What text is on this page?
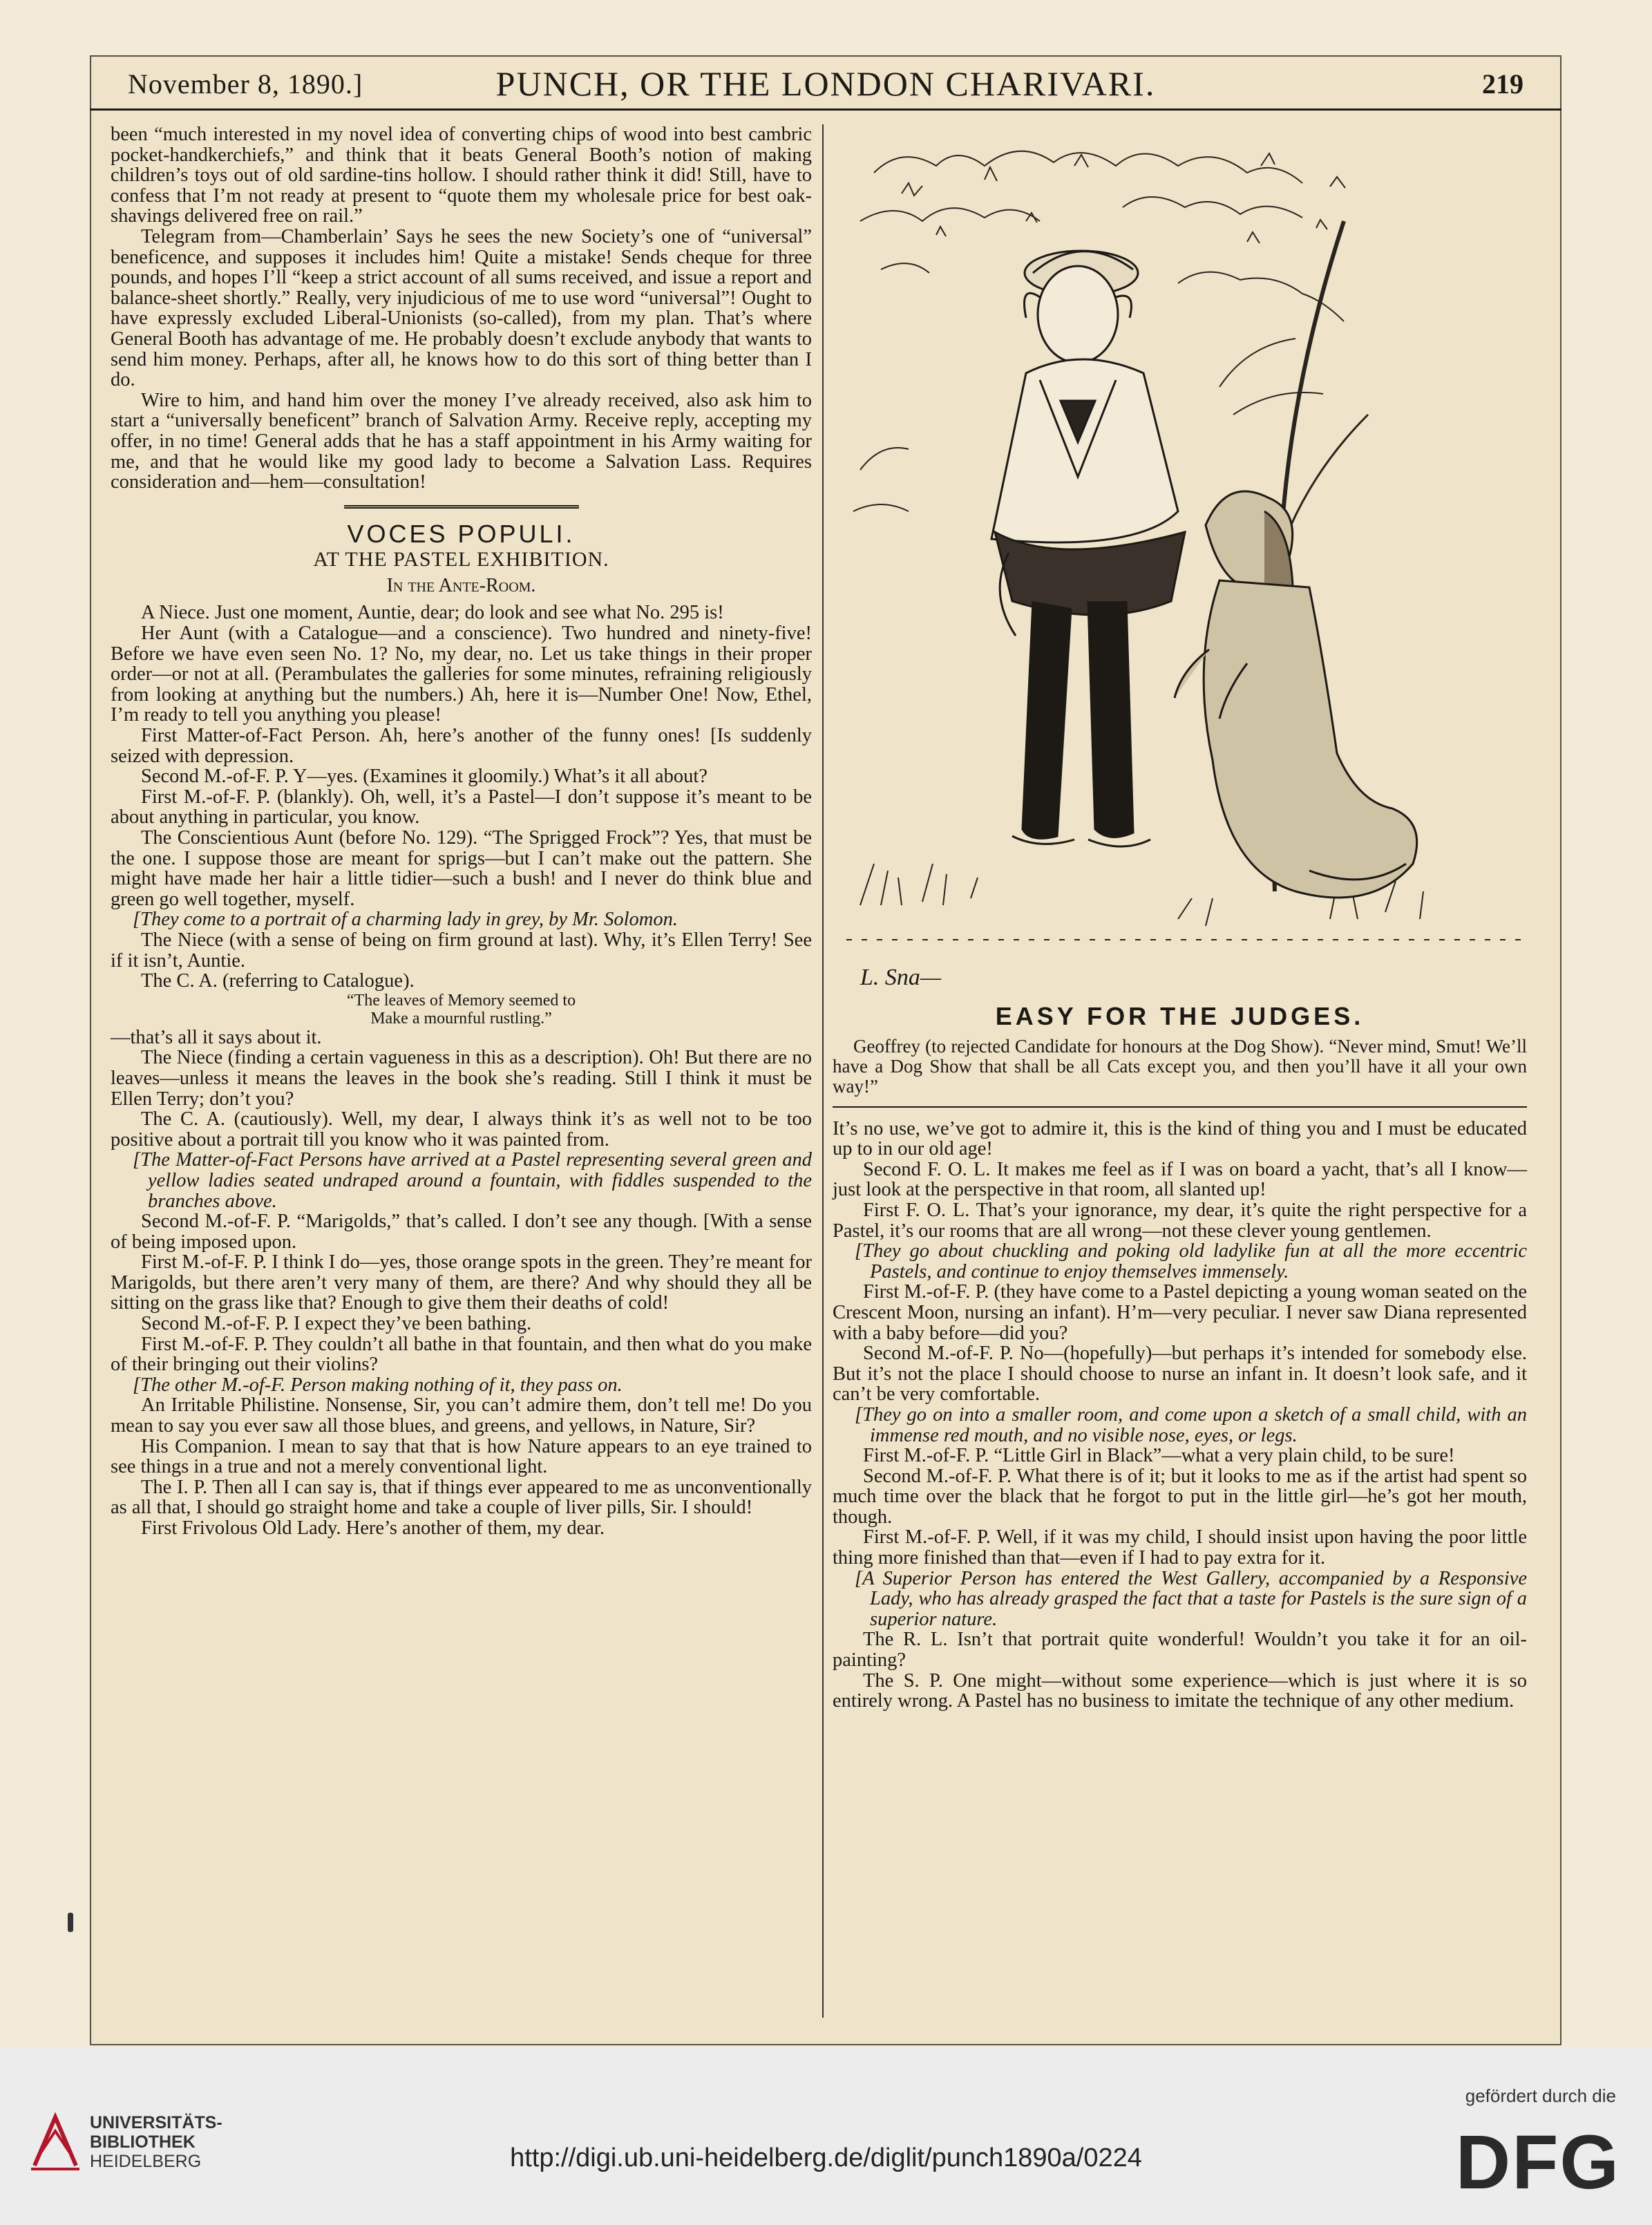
November 8, 1890.]	PUNCH, OR THE LONDON CHARIVARI.	219

been “much interested in my novel idea of converting chips of wood into best cambric pocket-handkerchiefs,” and think that it beats General Booth’s notion of making children’s toys out of old sardine-tins hollow. I should rather think it did! Still, have to confess that I’m not ready at present to “quote them my wholesale price for best oak-shavings delivered free on rail.”

Telegram from—Chamberlain’ Says he sees the new Society’s one of “universal” beneficence, and supposes it includes him! Quite a mistake! Sends cheque for three pounds, and hopes I’ll “keep a strict account of all sums received, and issue a report and balance-sheet shortly.” Really, very injudicious of me to use word “universal”! Ought to have expressly excluded Liberal-Unionists (so-called), from my plan. That’s where General Booth has advantage of me. He probably doesn’t exclude anybody that wants to send him money. Perhaps, after all, he knows how to do this sort of thing better than I do.

Wire to him, and hand him over the money I’ve already received, also ask him to start a “universally beneficent” branch of Salvation Army. Receive reply, accepting my offer, in no time! General adds that he has a staff appointment in his Army waiting for me, and that he would like my good lady to become a Salvation Lass. Requires consideration and—hem—consultation!

VOCES POPULI.
AT THE PASTEL EXHIBITION.
In the Ante-Room.

A Niece. Just one moment, Auntie, dear; do look and see what No. 295 is!

Her Aunt (with a Catalogue—and a conscience). Two hundred and ninety-five! Before we have even seen No. 1? No, my dear, no. Let us take things in their proper order—or not at all. (Perambulates the galleries for some minutes, refraining religiously from looking at anything but the numbers.) Ah, here it is—Number One! Now, Ethel, I’m ready to tell you anything you please!

First Matter-of-Fact Person. Ah, here’s another of the funny ones! [Is suddenly seized with depression.

Second M.-of-F. P. Y—yes. (Examines it gloomily.) What’s it all about?

First M.-of-F. P. (blankly). Oh, well, it’s a Pastel—I don’t suppose it’s meant to be about anything in particular, you know.

The Conscientious Aunt (before No. 129). “The Sprigged Frock”? Yes, that must be the one. I suppose those are meant for sprigs—but I can’t make out the pattern. She might have made her hair a little tidier—such a bush! and I never do think blue and green go well together, myself.

[They come to a portrait of a charming lady in grey, by Mr. Solomon.

The Niece (with a sense of being on firm ground at last). Why, it’s Ellen Terry! See if it isn’t, Auntie.

The C. A. (referring to Catalogue).

“The leaves of Memory seemed to

Make a mournful rustling.”

—that’s all it says about it.

The Niece (finding a certain vagueness in this as a description). Oh! But there are no leaves—unless it means the leaves in the book she’s reading. Still I think it must be Ellen Terry; don’t you?

The C. A. (cautiously). Well, my dear, I always think it’s as well not to be too positive about a portrait till you know who it was painted from.

[The Matter-of-Fact Persons have arrived at a Pastel representing several green and yellow ladies seated undraped around a fountain, with fiddles suspended to the branches above.

Second M.-of-F. P. “Marigolds,” that’s called. I don’t see any though. [With a sense of being imposed upon.

First M.-of-F. P. I think I do—yes, those orange spots in the green. They’re meant for Marigolds, but there aren’t very many of them, are there? And why should they all be sitting on the grass like that? Enough to give them their deaths of cold!

Second M.-of-F. P. I expect they’ve been bathing.

First M.-of-F. P. They couldn’t all bathe in that fountain, and then what do you make of their bringing out their violins?

[The other M.-of-F. Person making nothing of it, they pass on.

An Irritable Philistine. Nonsense, Sir, you can’t admire them, don’t tell me! Do you mean to say you ever saw all those blues, and greens, and yellows, in Nature, Sir?

His Companion. I mean to say that that is how Nature appears to an eye trained to see things in a true and not a merely conventional light.

The I. P. Then all I can say is, that if things ever appeared to me as unconventionally as all that, I should go straight home and take a couple of liver pills, Sir. I should!

First Frivolous Old Lady. Here’s another of them, my dear.

L. Sna—
EASY FOR THE JUDGES.

Geoffrey (to rejected Candidate for honours at the Dog Show). “Never mind, Smut! We’ll have a Dog Show that shall be all Cats except you, and then you’ll have it all your own way!”

It’s no use, we’ve got to admire it, this is the kind of thing you and I must be educated up to in our old age!

Second F. O. L. It makes me feel as if I was on board a yacht, that’s all I know—just look at the perspective in that room, all slanted up!

First F. O. L. That’s your ignorance, my dear, it’s quite the right perspective for a Pastel, it’s our rooms that are all wrong—not these clever young gentlemen.

[They go about chuckling and poking old ladylike fun at all the more eccentric Pastels, and continue to enjoy themselves immensely.

First M.-of-F. P. (they have come to a Pastel depicting a young woman seated on the Crescent Moon, nursing an infant). H’m—very peculiar. I never saw Diana represented with a baby before—did you?

Second M.-of-F. P. No—(hopefully)—but perhaps it’s intended for somebody else. But it’s not the place I should choose to nurse an infant in. It doesn’t look safe, and it can’t be very comfortable.

[They go on into a smaller room, and come upon a sketch of a small child, with an immense red mouth, and no visible nose, eyes, or legs.

First M.-of-F. P. “Little Girl in Black”—what a very plain child, to be sure!

Second M.-of-F. P. What there is of it; but it looks to me as if the artist had spent so much time over the black that he forgot to put in the little girl—he’s got her mouth, though.

First M.-of-F. P. Well, if it was my child, I should insist upon having the poor little thing more finished than that—even if I had to pay extra for it.

[A Superior Person has entered the West Gallery, accompanied by a Responsive Lady, who has already grasped the fact that a taste for Pastels is the sure sign of a superior nature.

The R. L. Isn’t that portrait quite wonderful! Wouldn’t you take it for an oil-painting?

The S. P. One might—without some experience—which is just where it is so entirely wrong. A Pastel has no business to imitate the technique of any other medium.

UNIVERSITÄTS-
BIBLIOTHEK
HEIDELBERG	http://digi.ub.uni-heidelberg.de/diglit/punch1890a/0224
gefördert durch die
DFG
